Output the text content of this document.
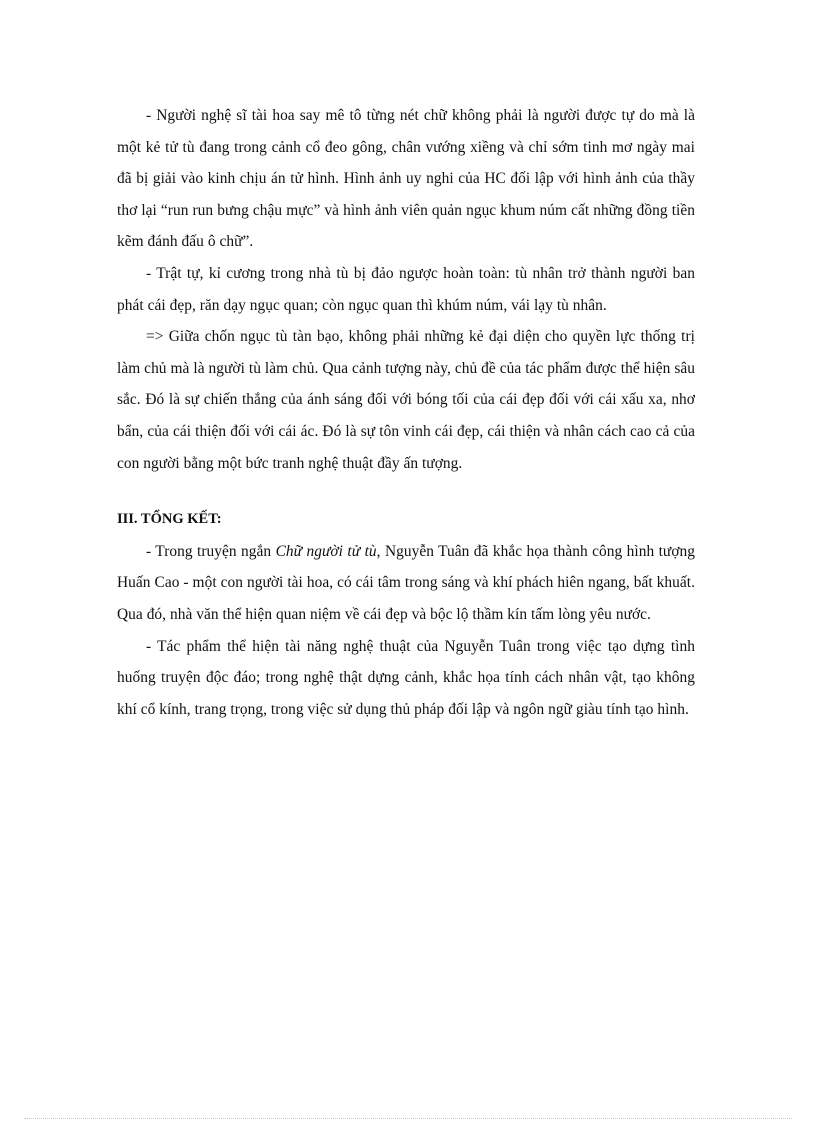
- Người nghệ sĩ tài hoa say mê tô từng nét chữ không phải là người được tự do mà là một kẻ tử tù đang trong cảnh cổ đeo gông, chân vướng xiềng và chỉ sớm tinh mơ ngày mai đã bị giải vào kinh chịu án tử hình. Hình ảnh uy nghi của HC đối lập với hình ảnh của thầy thơ lại “run run bưng chậu mực” và hình ảnh viên quản ngục khum núm cất những đồng tiền kẽm đánh đấu ô chữ”.

- Trật tự, kỉ cương trong nhà tù bị đảo ngược hoàn toàn: tù nhân trở thành người ban phát cái đẹp, răn dạy ngục quan; còn ngục quan thì khúm núm, vái lạy tù nhân.

=> Giữa chốn ngục tù tàn bạo, không phải những kẻ đại diện cho quyền lực thống trị làm chủ mà là người tù làm chủ. Qua cảnh tượng này, chủ đề của tác phẩm được thể hiện sâu sắc. Đó là sự chiến thắng của ánh sáng đối với bóng tối của cái đẹp đối với cái xấu xa, nhơ bẩn, của cái thiện đối với cái ác. Đó là sự tôn vinh cái đẹp, cái thiện và nhân cách cao cả của con người bằng một bức tranh nghệ thuật đầy ấn tượng.

III. TỔNG KẾT:

- Trong truyện ngắn Chữ người tử tù, Nguyễn Tuân đã khắc họa thành công hình tượng Huấn Cao - một con người tài hoa, có cái tâm trong sáng và khí phách hiên ngang, bất khuất. Qua đó, nhà văn thể hiện quan niệm về cái đẹp và bộc lộ thầm kín tấm lòng yêu nước.

- Tác phẩm thể hiện tài năng nghệ thuật của Nguyễn Tuân trong việc tạo dựng tình huống truyện độc đáo; trong nghệ thật dựng cảnh, khắc họa tính cách nhân vật, tạo không khí cổ kính, trang trọng, trong việc sử dụng thủ pháp đối lập và ngôn ngữ giàu tính tạo hình.
